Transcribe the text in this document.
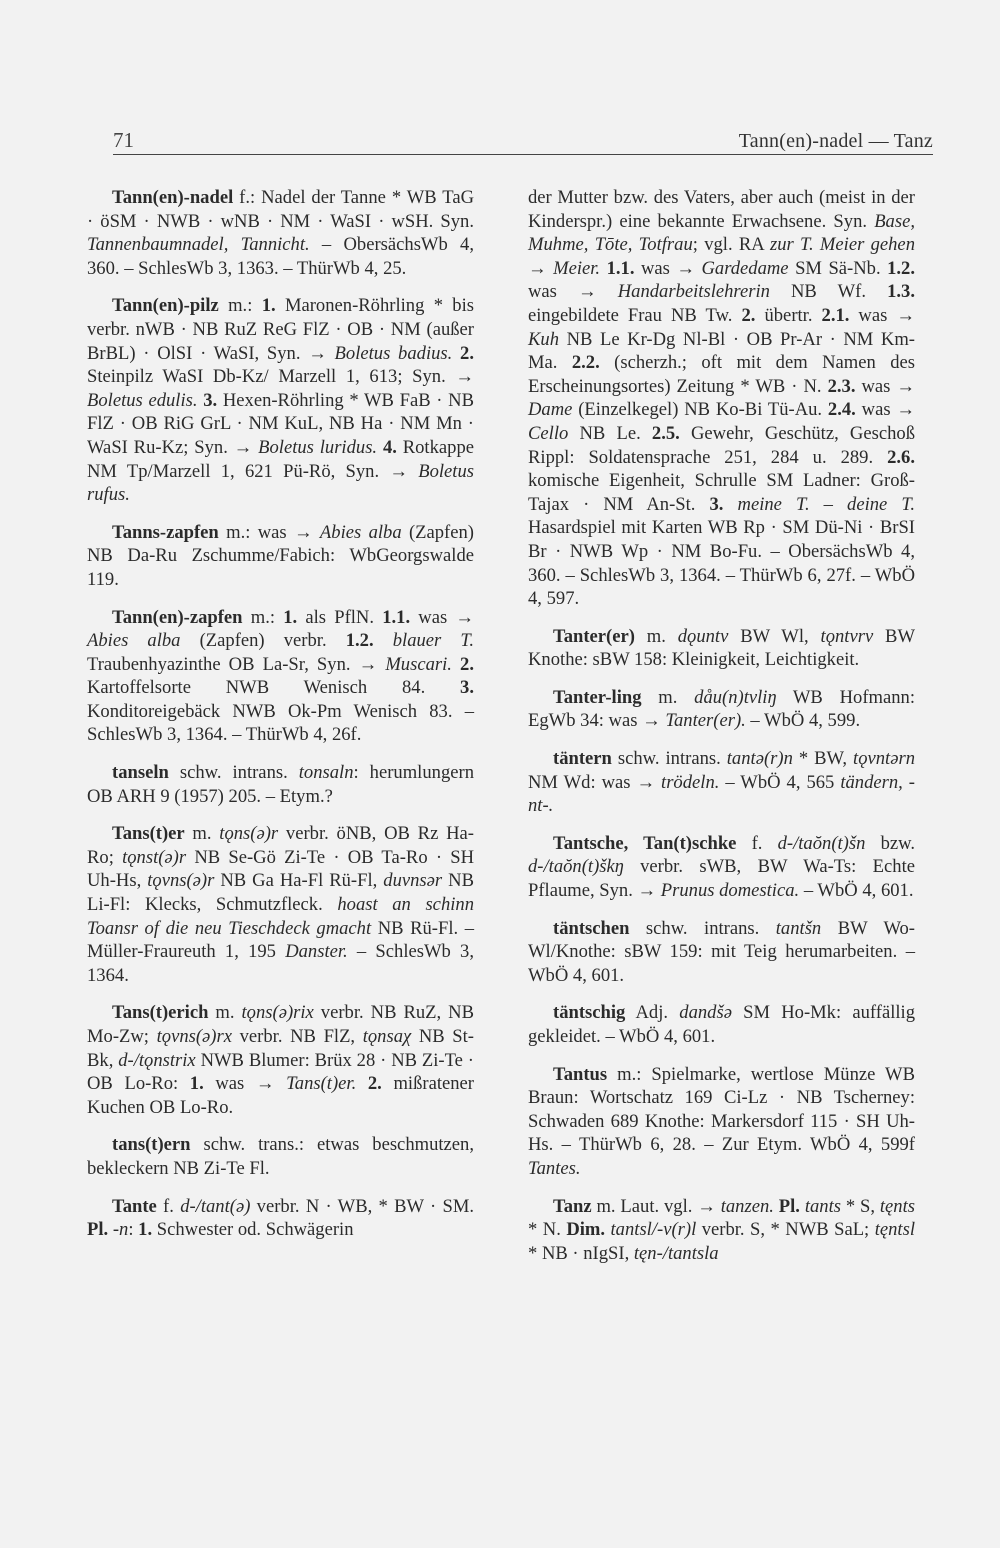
71	Tann(en)-nadel — Tanz

Tann(en)-nadel f.: Nadel der Tanne * WB TaG · öSM · NWB · wNB · NM · WaSI · wSH. Syn. Tannenbaumnadel, Tannicht. – ObersächsWb 4, 360. – SchlesWb 3, 1363. – ThürWb 4, 25.

Tann(en)-pilz m.: 1. Maronen-Röhrling * bis verbr. nWB · NB RuZ ReG FlZ · OB · NM (außer BrBL) · OlSI · WaSI, Syn. → Boletus badius. 2. Steinpilz WaSI Db-Kz/ Marzell 1, 613; Syn. → Boletus edulis. 3. Hexen-Röhrling * WB FaB · NB FlZ · OB RiG GrL · NM KuL, NB Ha · NM Mn · WaSI Ru-Kz; Syn. → Boletus luridus. 4. Rotkappe NM Tp/Marzell 1, 621 Pü-Rö, Syn. → Boletus rufus.

Tanns-zapfen m.: was → Abies alba (Zapfen) NB Da-Ru Zschumme/Fabich: WbGeorgswalde 119.

Tann(en)-zapfen m.: 1. als PflN. 1.1. was → Abies alba (Zapfen) verbr. 1.2. blauer T. Traubenhyazinthe OB La-Sr, Syn. → Muscari. 2. Kartoffelsorte NWB Wenisch 84. 3. Konditoreigebäck NWB Ok-Pm Wenisch 83. – SchlesWb 3, 1364. – ThürWb 4, 26f.

tanseln schw. intrans. tonsaln: herumlungern OB ARH 9 (1957) 205. – Etym.?

Tans(t)er m. tǫns(ə)r verbr. öNB, OB Rz Ha-Ro; tǫnst(ə)r NB Se-Gö Zi-Te · OB Ta-Ro · SH Uh-Hs, tǫvns(ə)r NB Ga Ha-Fl Rü-Fl, duvnsər NB Li-Fl: Klecks, Schmutzfleck. hoast an schinn Toansr of die neu Tieschdeck gmacht NB Rü-Fl. – Müller-Fraureuth 1, 195 Danster. – SchlesWb 3, 1364.

Tans(t)erich m. tǫns(ə)rix verbr. NB RuZ, NB Mo-Zw; tǫvns(ə)rx verbr. NB FlZ, tǫnsaχ NB St-Bk, d-/tǫnstrix NWB Blumer: Brüx 28 · NB Zi-Te · OB Lo-Ro: 1. was → Tans(t)er. 2. mißratener Kuchen OB Lo-Ro.

tans(t)ern schw. trans.: etwas beschmutzen, bekleckern NB Zi-Te Fl.

Tante f. d-/tant(ə) verbr. N · WB, * BW · SM. Pl. -n: 1. Schwester od. Schwägerin

der Mutter bzw. des Vaters, aber auch (meist in der Kinderspr.) eine bekannte Erwachsene. Syn. Base, Muhme, Tōte, Totfrau; vgl. RA zur T. Meier gehen → Meier. 1.1. was → Gardedame SM Sä-Nb. 1.2. was → Handarbeitslehrerin NB Wf. 1.3. eingebildete Frau NB Tw. 2. übertr. 2.1. was → Kuh NB Le Kr-Dg Nl-Bl · OB Pr-Ar · NM Km-Ma. 2.2. (scherzh.; oft mit dem Namen des Erscheinungsortes) Zeitung * WB · N. 2.3. was → Dame (Einzelkegel) NB Ko-Bi Tü-Au. 2.4. was → Cello NB Le. 2.5. Gewehr, Geschütz, Geschoß Rippl: Soldatensprache 251, 284 u. 289. 2.6. komische Eigenheit, Schrulle SM Ladner: Groß-Tajax · NM An-St. 3. meine T. – deine T. Hasardspiel mit Karten WB Rp · SM Dü-Ni · BrSI Br · NWB Wp · NM Bo-Fu. – ObersächsWb 4, 360. – SchlesWb 3, 1364. – ThürWb 6, 27f. – WbÖ 4, 597.

Tanter(er) m. dǫuntv BW Wl, tǫntvrv BW Knothe: sBW 158: Kleinigkeit, Leichtigkeit.

Tanter-ling m. dåu(n)tvliŋ WB Hofmann: EgWb 34: was → Tanter(er). – WbÖ 4, 599.

täntern schw. intrans. tantə(r)n * BW, tǫvntərn NM Wd: was → trödeln. – WbÖ 4, 565 tändern, -nt-.

Tantsche, Tan(t)schke f. d-/taŏn(t)šn bzw. d-/taŏn(t)škŋ verbr. sWB, BW Wa-Ts: Echte Pflaume, Syn. → Prunus domestica. – WbÖ 4, 601.

täntschen schw. intrans. tantšn BW Wo-Wl/Knothe: sBW 159: mit Teig herumarbeiten. – WbÖ 4, 601.

täntschig Adj. dandšə SM Ho-Mk: auffällig gekleidet. – WbÖ 4, 601.

Tantus m.: Spielmarke, wertlose Münze WB Braun: Wortschatz 169 Ci-Lz · NB Tscherney: Schwaden 689 Knothe: Markersdorf 115 · SH Uh-Hs. – ThürWb 6, 28. – Zur Etym. WbÖ 4, 599f Tantes.

Tanz m. Laut. vgl. → tanzen. Pl. tants * S, tęnts * N. Dim. tantsl/-v(r)l verbr. S, * NWB SaL; tęntsl * NB · nIgSI, tęn-/tantsla
